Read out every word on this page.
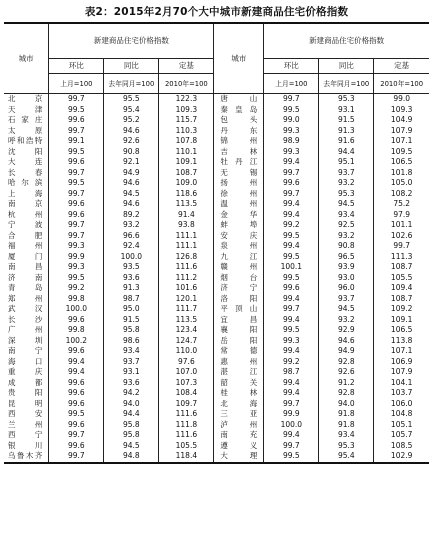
表2：2015年2月70个大中城市新建商品住宅价格指数
城市	新建商品住宅价格指数			城市	新建商品住宅价格指数		
	环比	同比	定基		环比	同比	定基
	上月=100	去年同月=100	2010年=100		上月=100	去年同月=100	2010年=100
北京	99.7	95.5	122.3	唐山	99.7	95.3	99.0
天津	99.5	95.4	109.3	秦皇岛	99.5	93.1	109.3
石家庄	99.6	95.2	115.7	包头	99.0	91.5	104.9
太原	99.7	94.6	110.3	丹东	99.3	91.3	107.9
呼和浩特	99.1	92.6	107.8	锦州	98.9	91.6	107.1
沈阳	99.5	90.8	110.1	吉林	99.3	94.4	109.5
大连	99.6	92.1	109.1	牡丹江	99.4	95.1	106.5
长春	99.7	94.9	108.7	无锡	99.7	93.7	101.8
哈尔滨	99.5	94.6	109.0	扬州	99.6	93.2	105.0
上海	99.7	94.5	118.6	徐州	99.7	95.3	108.2
南京	99.6	94.6	113.5	温州	99.4	94.5	75.2
杭州	99.6	89.2	91.4	金华	99.4	93.4	97.9
宁波	99.7	93.2	93.8	蚌埠	99.2	92.5	101.1
合肥	99.7	96.6	111.1	安庆	99.5	93.2	102.6
福州	99.3	92.4	111.1	泉州	99.4	90.8	99.7
厦门	99.9	100.0	126.8	九江	99.5	96.5	111.3
南昌	99.3	93.5	111.6	赣州	100.1	93.9	108.7
济南	99.5	93.6	111.2	烟台	99.5	93.0	105.5
青岛	99.2	91.3	101.6	济宁	99.6	96.0	109.4
郑州	99.8	98.7	120.1	洛阳	99.4	93.7	108.7
武汉	100.0	95.0	111.7	平顶山	99.7	94.5	109.2
长沙	99.6	91.5	113.5	宜昌	99.4	93.2	109.1
广州	99.8	95.8	123.4	襄阳	99.5	92.9	106.5
深圳	100.2	98.6	124.7	岳阳	99.3	94.6	113.8
南宁	99.6	93.4	110.0	常德	99.4	94.9	107.1
海口	99.4	93.7	97.6	惠州	99.2	92.8	106.9
重庆	99.4	93.1	107.0	湛江	98.7	92.6	107.9
成都	99.6	93.6	107.3	韶关	99.4	91.2	104.1
贵阳	99.6	94.2	108.4	桂林	99.4	92.8	103.7
昆明	99.6	94.0	109.7	北海	99.7	94.0	106.0
西安	99.5	94.4	111.6	三亚	99.9	91.8	104.8
兰州	99.6	95.8	111.8	泸州	100.0	91.8	105.1
西宁	99.7	95.8	111.6	南充	99.4	93.4	105.7
银川	99.6	94.5	105.5	遵义	99.7	95.3	108.5
乌鲁木齐	99.7	94.8	118.4	大理	99.5	95.4	102.9
